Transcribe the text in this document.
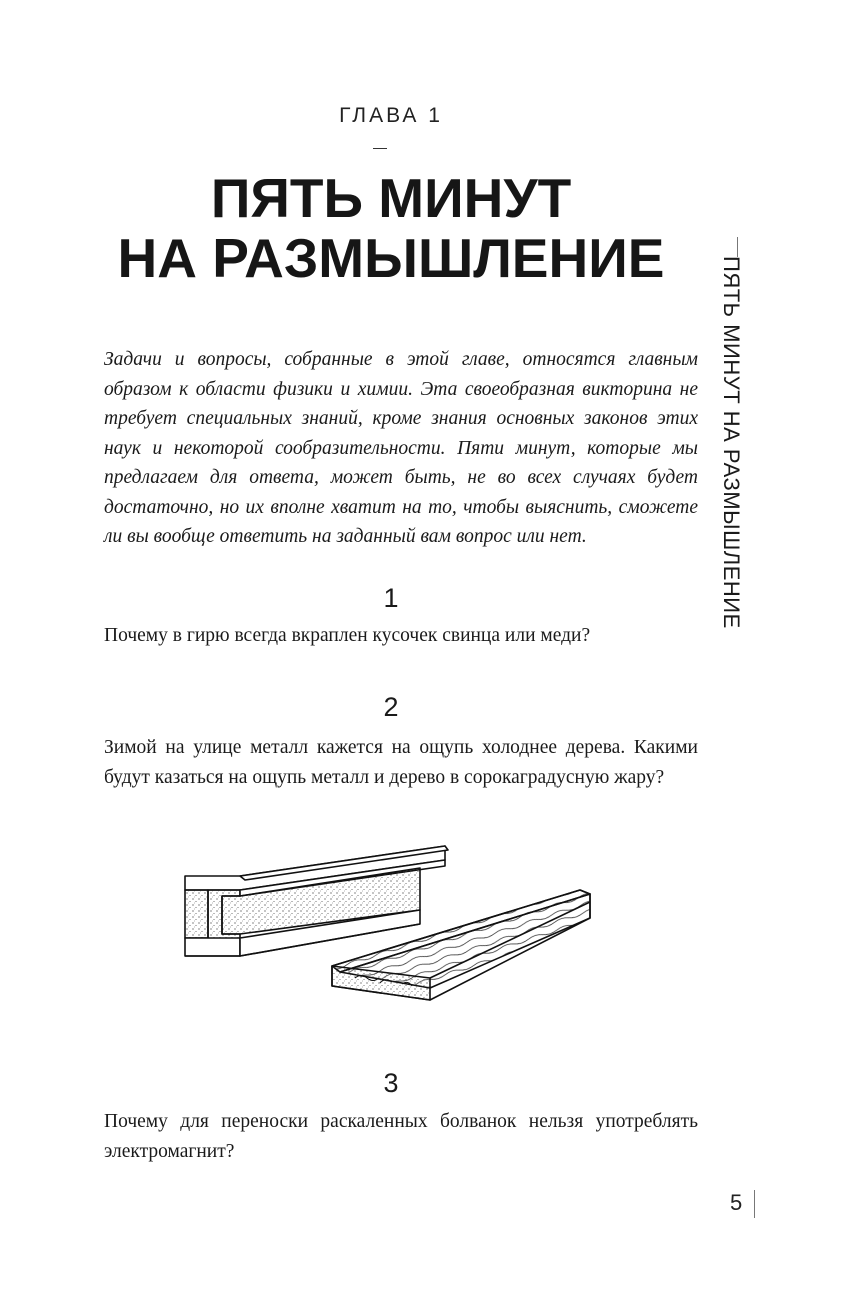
ГЛАВА 1
ПЯТЬ МИНУТ
НА РАЗМЫШЛЕНИЕ
Задачи и вопросы, собранные в этой главе, относятся главным образом к области физики и химии. Эта своеобразная викторина не требует специальных знаний, кроме знания основных законов этих наук и некоторой сообразительности. Пяти минут, которые мы предлагаем для ответа, может быть, не во всех случаях будет достаточно, но их вполне хватит на то, чтобы выяснить, сможете ли вы вообще ответить на заданный вам вопрос или нет.
1
Почему в гирю всегда вкраплен кусочек свинца или меди?
2
Зимой на улице металл кажется на ощупь холоднее дерева. Какими будут казаться на ощупь металл и дерево в сорокаградусную жару?
3
Почему для переноски раскаленных болванок нельзя употреблять электромагнит?
ПЯТЬ МИНУТ НА РАЗМЫШЛЕНИЕ
5
